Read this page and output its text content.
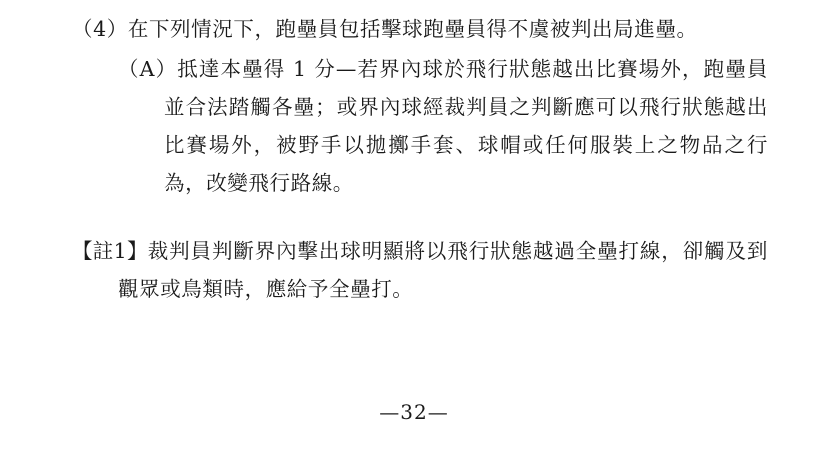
（4）在下列情況下，跑壘員包括擊球跑壘員得不虞被判出局進壘。

（A）抵達本壘得 1 分—若界內球於飛行狀態越出比賽場外，跑壘員並合法踏觸各壘；或界內球經裁判員之判斷應可以飛行狀態越出比賽場外，被野手以拋擲手套、球帽或任何服裝上之物品之行為，改變飛行路線。

【註1】裁判員判斷界內擊出球明顯將以飛行狀態越過全壘打線，卻觸及到觀眾或鳥類時，應給予全壘打。

—32—
